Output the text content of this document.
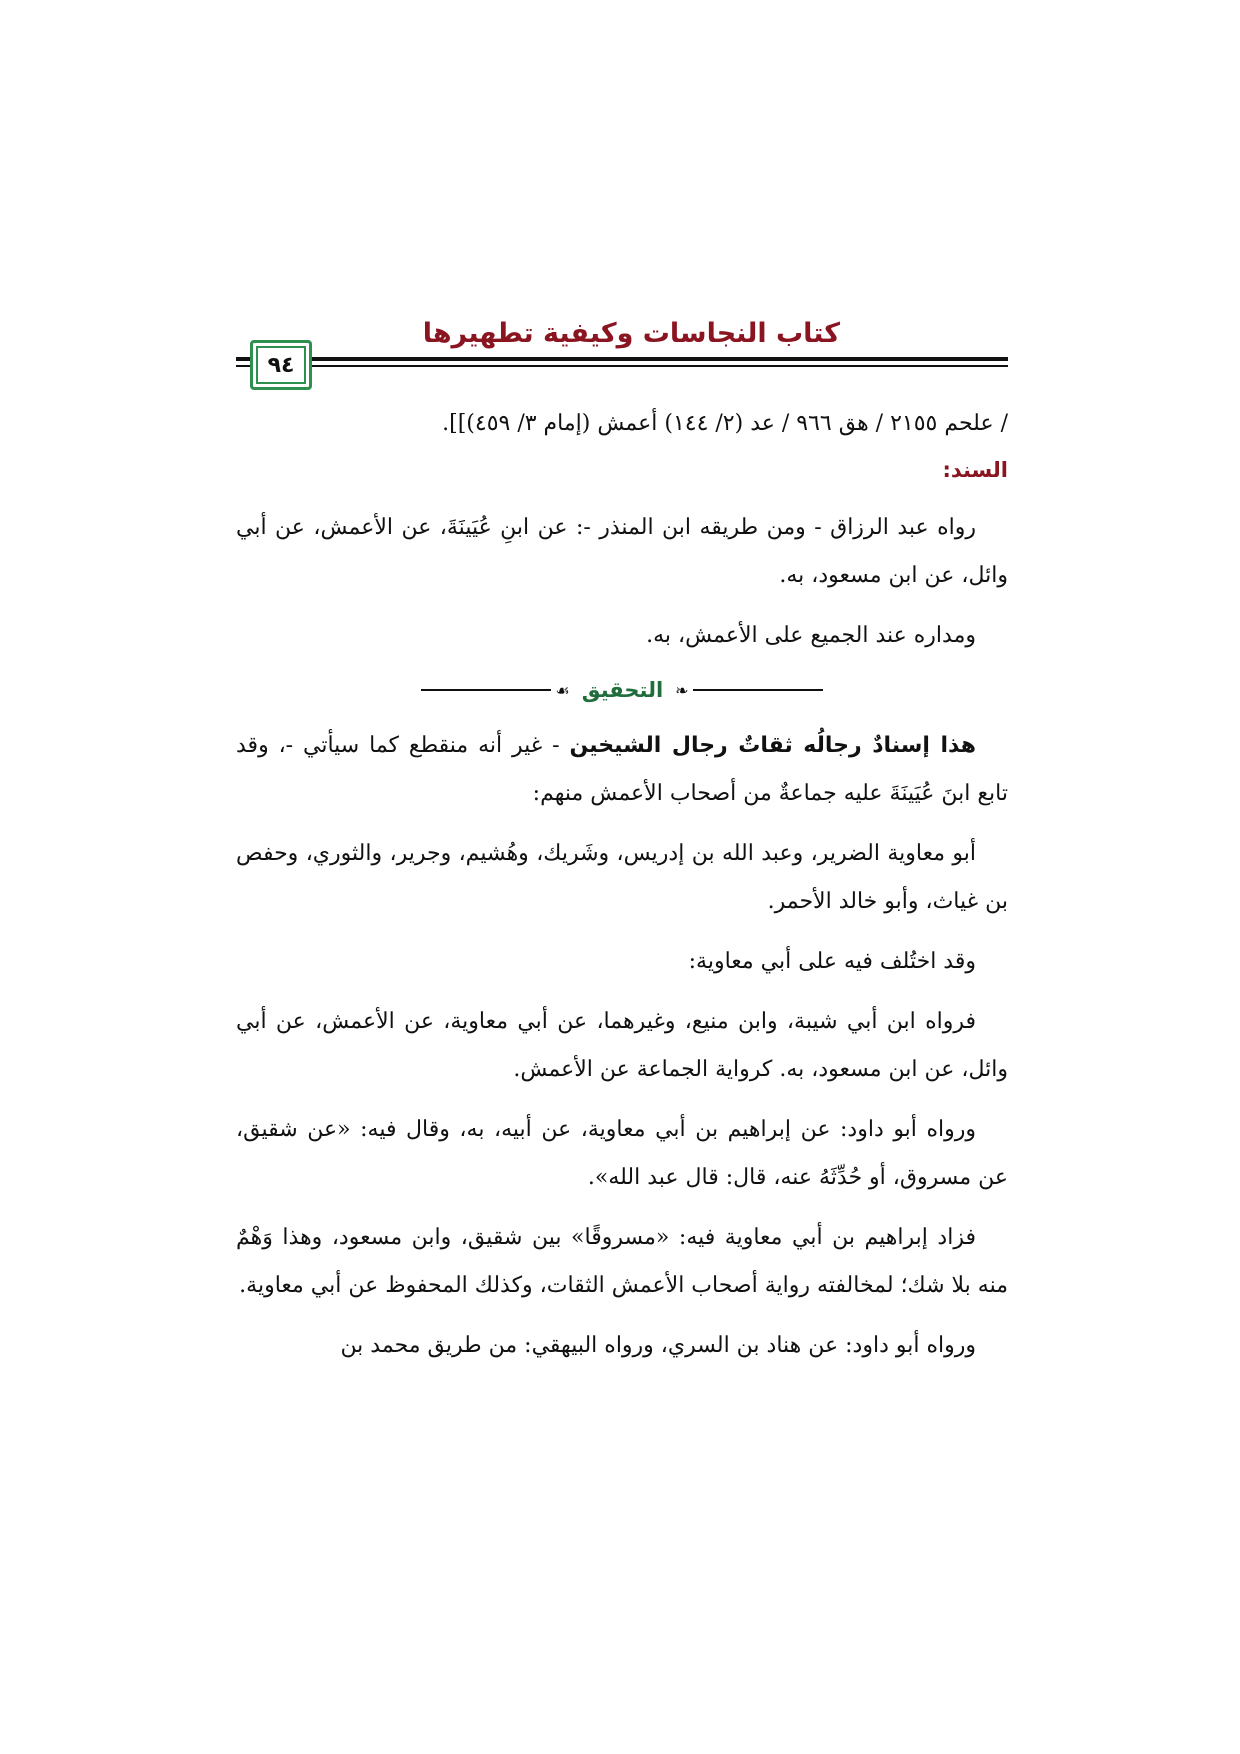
كتاب النجاسات وكيفية تطهيرها
٩٤

/ علحم ٢١٥٥ / هق ٩٦٦ / عد (٢/ ١٤٤) أعمش (إمام ٣/ ٤٥٩)]].

السند:

رواه عبد الرزاق - ومن طريقه ابن المنذر -: عن ابنِ عُيَينَةَ، عن الأعمش، عن أبي وائل، عن ابن مسعود، به.

ومداره عند الجميع على الأعمش، به.

❧
التحقيق
☙

هذا إسنادٌ رجالُه ثقاتٌ رجال الشيخين - غير أنه منقطع كما سيأتي -، وقد تابع ابنَ عُيَينَةَ عليه جماعةٌ من أصحاب الأعمش منهم:

أبو معاوية الضرير، وعبد الله بن إدريس، وشَريك، وهُشيم، وجرير، والثوري، وحفص بن غياث، وأبو خالد الأحمر.

وقد اختُلف فيه على أبي معاوية:

فرواه ابن أبي شيبة، وابن منيع، وغيرهما، عن أبي معاوية، عن الأعمش، عن أبي وائل، عن ابن مسعود، به. كرواية الجماعة عن الأعمش.

ورواه أبو داود: عن إبراهيم بن أبي معاوية، عن أبيه، به، وقال فيه: «عن شقيق، عن مسروق، أو حُدِّثَهُ عنه، قال: قال عبد الله».

فزاد إبراهيم بن أبي معاوية فيه: «مسروقًا» بين شقيق، وابن مسعود، وهذا وَهْمٌ منه بلا شك؛ لمخالفته رواية أصحاب الأعمش الثقات، وكذلك المحفوظ عن أبي معاوية.

ورواه أبو داود: عن هناد بن السري، ورواه البيهقي: من طريق محمد بن
